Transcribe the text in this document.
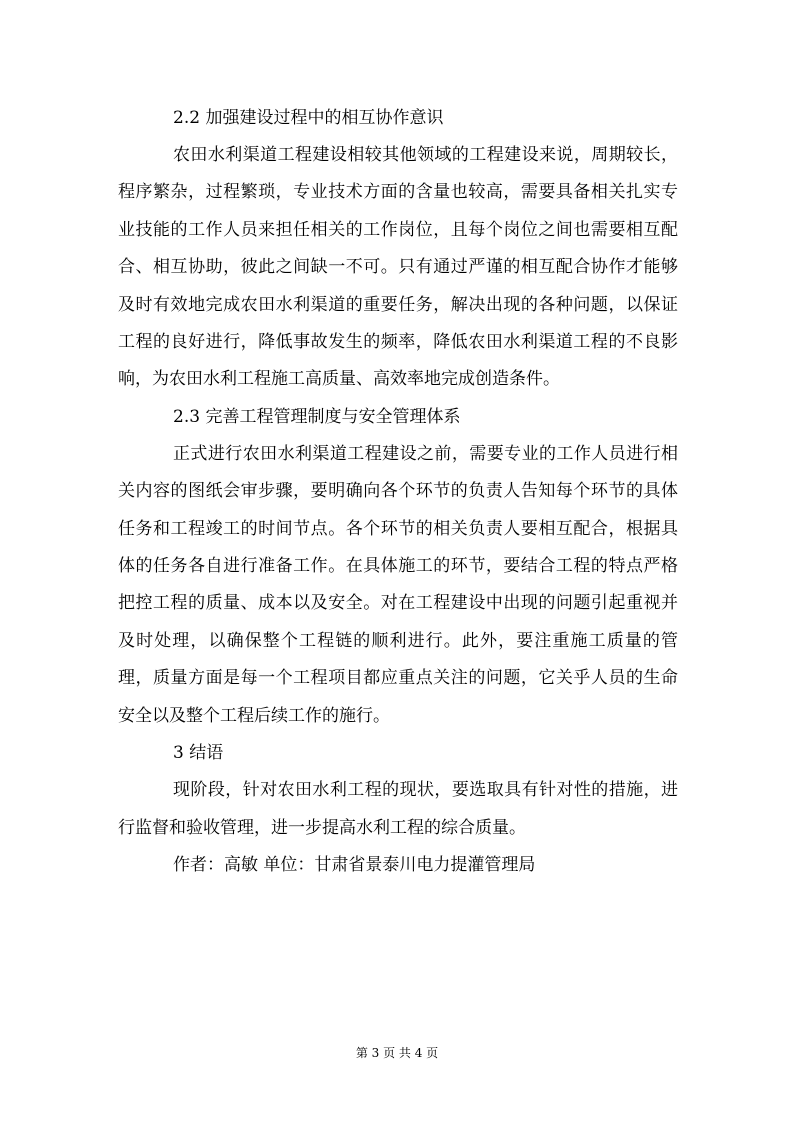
2.2 加强建设过程中的相互协作意识

农田水利渠道工程建设相较其他领域的工程建设来说，周期较长，程序繁杂，过程繁琐，专业技术方面的含量也较高，需要具备相关扎实专业技能的工作人员来担任相关的工作岗位，且每个岗位之间也需要相互配合、相互协助，彼此之间缺一不可。只有通过严谨的相互配合协作才能够及时有效地完成农田水利渠道的重要任务，解决出现的各种问题，以保证工程的良好进行，降低事故发生的频率，降低农田水利渠道工程的不良影响，为农田水利工程施工高质量、高效率地完成创造条件。

2.3 完善工程管理制度与安全管理体系

正式进行农田水利渠道工程建设之前，需要专业的工作人员进行相关内容的图纸会审步骤，要明确向各个环节的负责人告知每个环节的具体任务和工程竣工的时间节点。各个环节的相关负责人要相互配合，根据具体的任务各自进行准备工作。在具体施工的环节，要结合工程的特点严格把控工程的质量、成本以及安全。对在工程建设中出现的问题引起重视并及时处理，以确保整个工程链的顺利进行。此外，要注重施工质量的管理，质量方面是每一个工程项目都应重点关注的问题，它关乎人员的生命安全以及整个工程后续工作的施行。

3 结语

现阶段，针对农田水利工程的现状，要选取具有针对性的措施，进行监督和验收管理，进一步提高水利工程的综合质量。

作者：高敏 单位：甘肃省景泰川电力提灌管理局

第 3 页 共 4 页
